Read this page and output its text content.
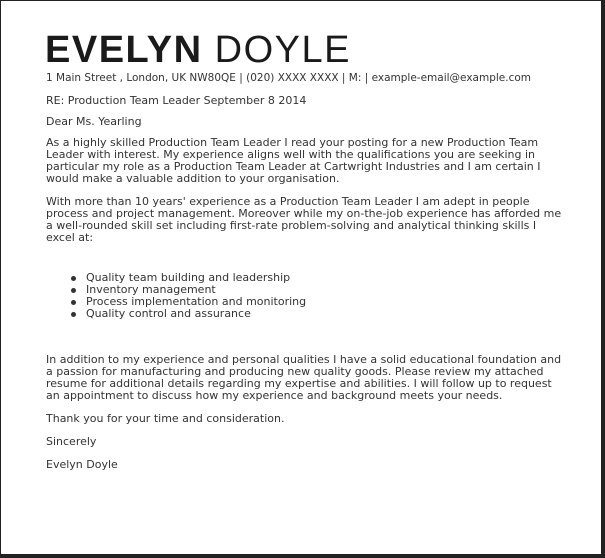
EVELYN DOYLE
1 Main Street , London, UK NW80QE | (020) XXXX XXXX | M: | example-email@example.com

RE: Production Team Leader September 8 2014

Dear Ms. Yearling

As a highly skilled Production Team Leader I read your posting for a new Production Team Leader with interest. My experience aligns well with the qualifications you are seeking in particular my role as a Production Team Leader at Cartwright Industries and I am certain I would make a valuable addition to your organisation.

With more than 10 years' experience as a Production Team Leader I am adept in people process and project management. Moreover while my on-the-job experience has afforded me a well-rounded skill set including first-rate problem-solving and analytical thinking skills I excel at:

Quality team building and leadership
Inventory management
Process implementation and monitoring
Quality control and assurance

In addition to my experience and personal qualities I have a solid educational foundation and a passion for manufacturing and producing new quality goods. Please review my attached resume for additional details regarding my expertise and abilities. I will follow up to request an appointment to discuss how my experience and background meets your needs.

Thank you for your time and consideration.

Sincerely

Evelyn Doyle
